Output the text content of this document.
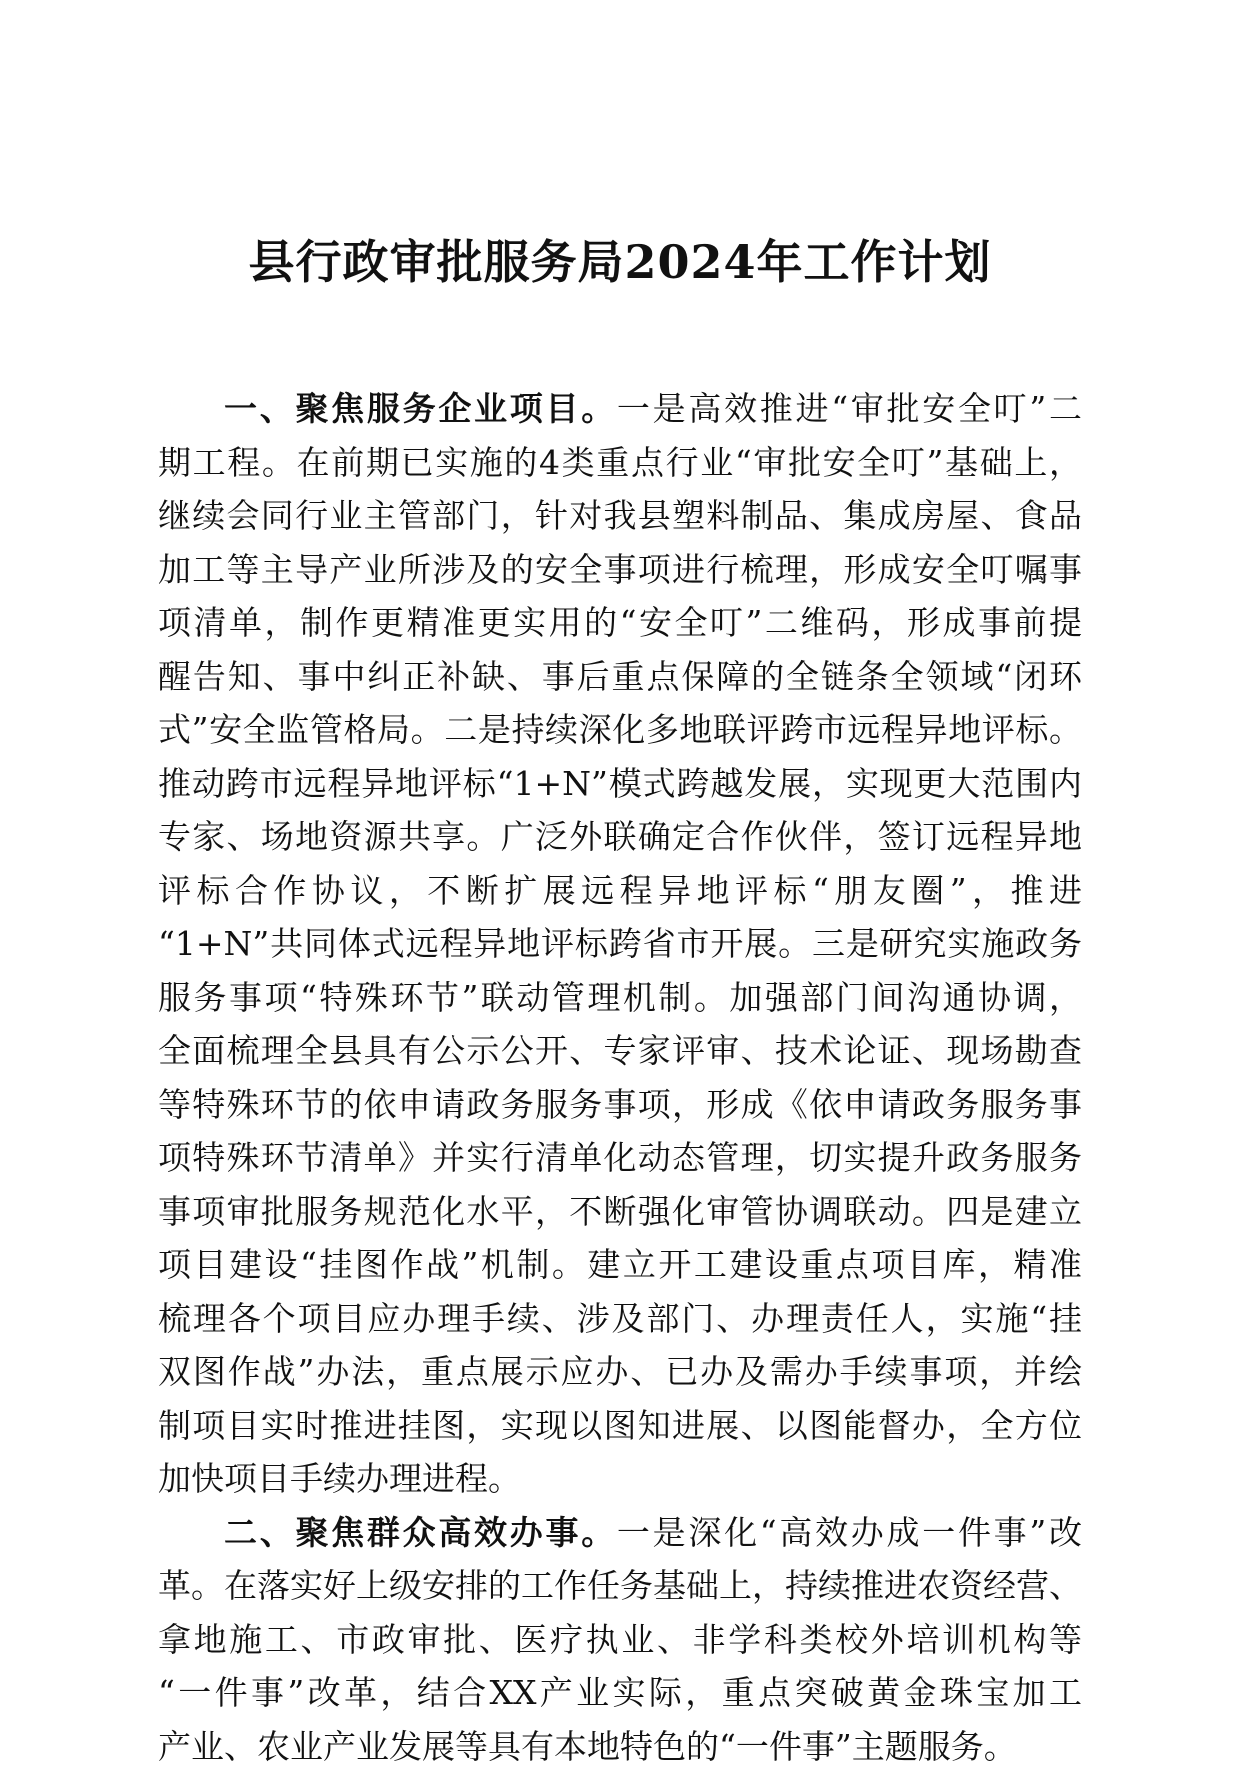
县行政审批服务局2024年工作计划
一、聚焦服务企业项目。一是高效推进“审批安全叮”二
期工程。在前期已实施的4类重点行业“审批安全叮”基础上，
继续会同行业主管部门，针对我县塑料制品、集成房屋、食品
加工等主导产业所涉及的安全事项进行梳理，形成安全叮嘱事
项清单，制作更精准更实用的“安全叮”二维码，形成事前提
醒告知、事中纠正补缺、事后重点保障的全链条全领域“闭环
式”安全监管格局。二是持续深化多地联评跨市远程异地评标。
推动跨市远程异地评标“1+N”模式跨越发展，实现更大范围内
专家、场地资源共享。广泛外联确定合作伙伴，签订远程异地
评标合作协议，不断扩展远程异地评标“朋友圈”，推进
“1+N”共同体式远程异地评标跨省市开展。三是研究实施政务
服务事项“特殊环节”联动管理机制。加强部门间沟通协调，
全面梳理全县具有公示公开、专家评审、技术论证、现场勘查
等特殊环节的依申请政务服务事项，形成《依申请政务服务事
项特殊环节清单》并实行清单化动态管理，切实提升政务服务
事项审批服务规范化水平，不断强化审管协调联动。四是建立
项目建设“挂图作战”机制。建立开工建设重点项目库，精准
梳理各个项目应办理手续、涉及部门、办理责任人，实施“挂
双图作战”办法，重点展示应办、已办及需办手续事项，并绘
制项目实时推进挂图，实现以图知进展、以图能督办，全方位
加快项目手续办理进程。
二、聚焦群众高效办事。一是深化“高效办成一件事”改
革。在落实好上级安排的工作任务基础上，持续推进农资经营、
拿地施工、市政审批、医疗执业、非学科类校外培训机构等
“一件事”改革，结合XX产业实际，重点突破黄金珠宝加工
产业、农业产业发展等具有本地特色的“一件事”主题服务。
